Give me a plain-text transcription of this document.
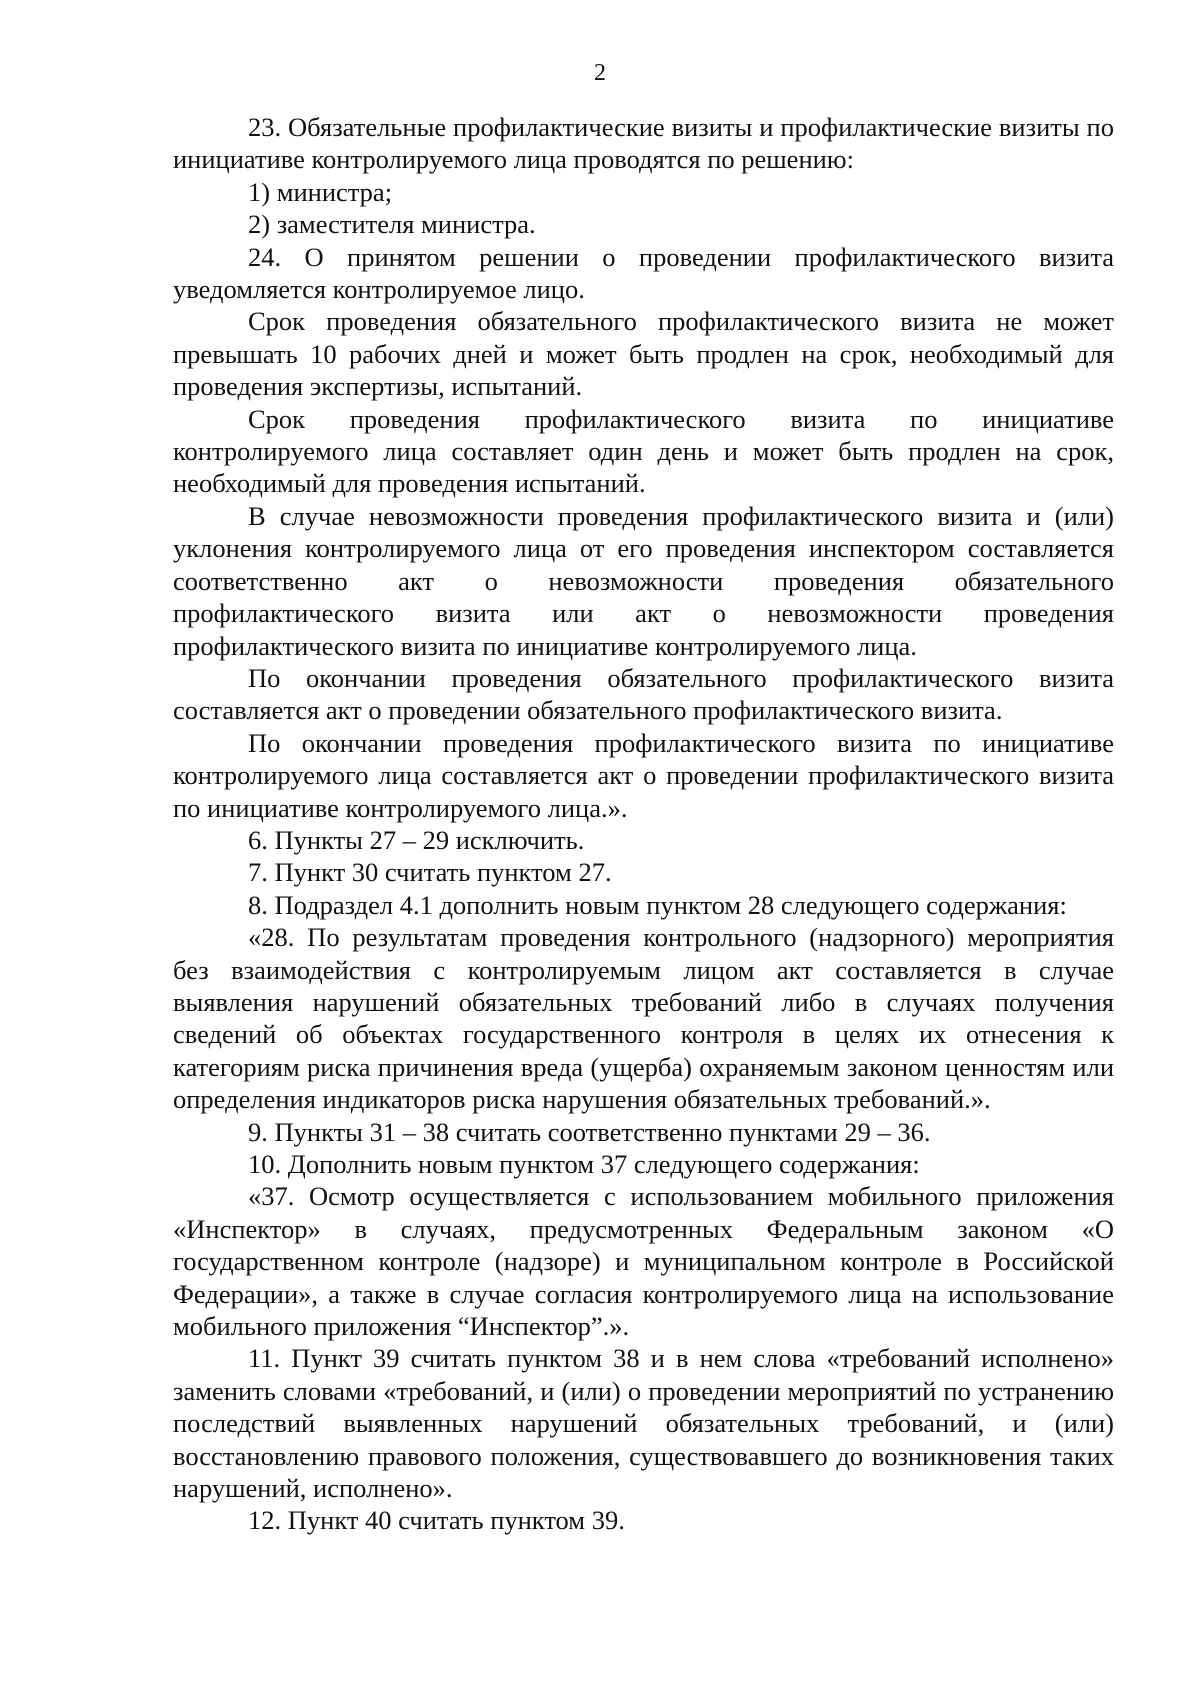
2

23. Обязательные профилактические визиты и профилактические визиты по инициативе контролируемого лица проводятся по решению:

1) министра;

2) заместителя министра.

24. О принятом решении о проведении профилактического визита уведомляется контролируемое лицо.

Срок проведения обязательного профилактического визита не может превышать 10 рабочих дней и может быть продлен на срок, необходимый для проведения экспертизы, испытаний.

Срок проведения профилактического визита по инициативе контролируемого лица составляет один день и может быть продлен на срок, необходимый для проведения испытаний.

В случае невозможности проведения профилактического визита и (или) уклонения контролируемого лица от его проведения инспектором составляется соответственно акт о невозможности проведения обязательного профилактического визита или акт о невозможности проведения профилактического визита по инициативе контролируемого лица.

По окончании проведения обязательного профилактического визита составляется акт о проведении обязательного профилактического визита.

По окончании проведения профилактического визита по инициативе контролируемого лица составляется акт о проведении профилактического визита по инициативе контролируемого лица.».

6. Пункты 27 – 29 исключить.

7. Пункт 30 считать пунктом 27.

8. Подраздел 4.1 дополнить новым пунктом 28 следующего содержания:

«28. По результатам проведения контрольного (надзорного) мероприятия без взаимодействия с контролируемым лицом акт составляется в случае выявления нарушений обязательных требований либо в случаях получения сведений об объектах государственного контроля в целях их отнесения к категориям риска причинения вреда (ущерба) охраняемым законом ценностям или определения индикаторов риска нарушения обязательных требований.».

9. Пункты 31 – 38 считать соответственно пунктами 29 – 36.

10. Дополнить новым пунктом 37 следующего содержания:

«37. Осмотр осуществляется с использованием мобильного приложения «Инспектор» в случаях, предусмотренных Федеральным законом «О государственном контроле (надзоре) и муниципальном контроле в Российской Федерации», а также в случае согласия контролируемого лица на использование мобильного приложения “Инспектор”.».

11. Пункт 39 считать пунктом 38 и в нем слова «требований исполнено» заменить словами «требований, и (или) о проведении мероприятий по устранению последствий выявленных нарушений обязательных требований, и (или) восстановлению правового положения, существовавшего до возникновения таких нарушений, исполнено».

12. Пункт 40 считать пунктом 39.
